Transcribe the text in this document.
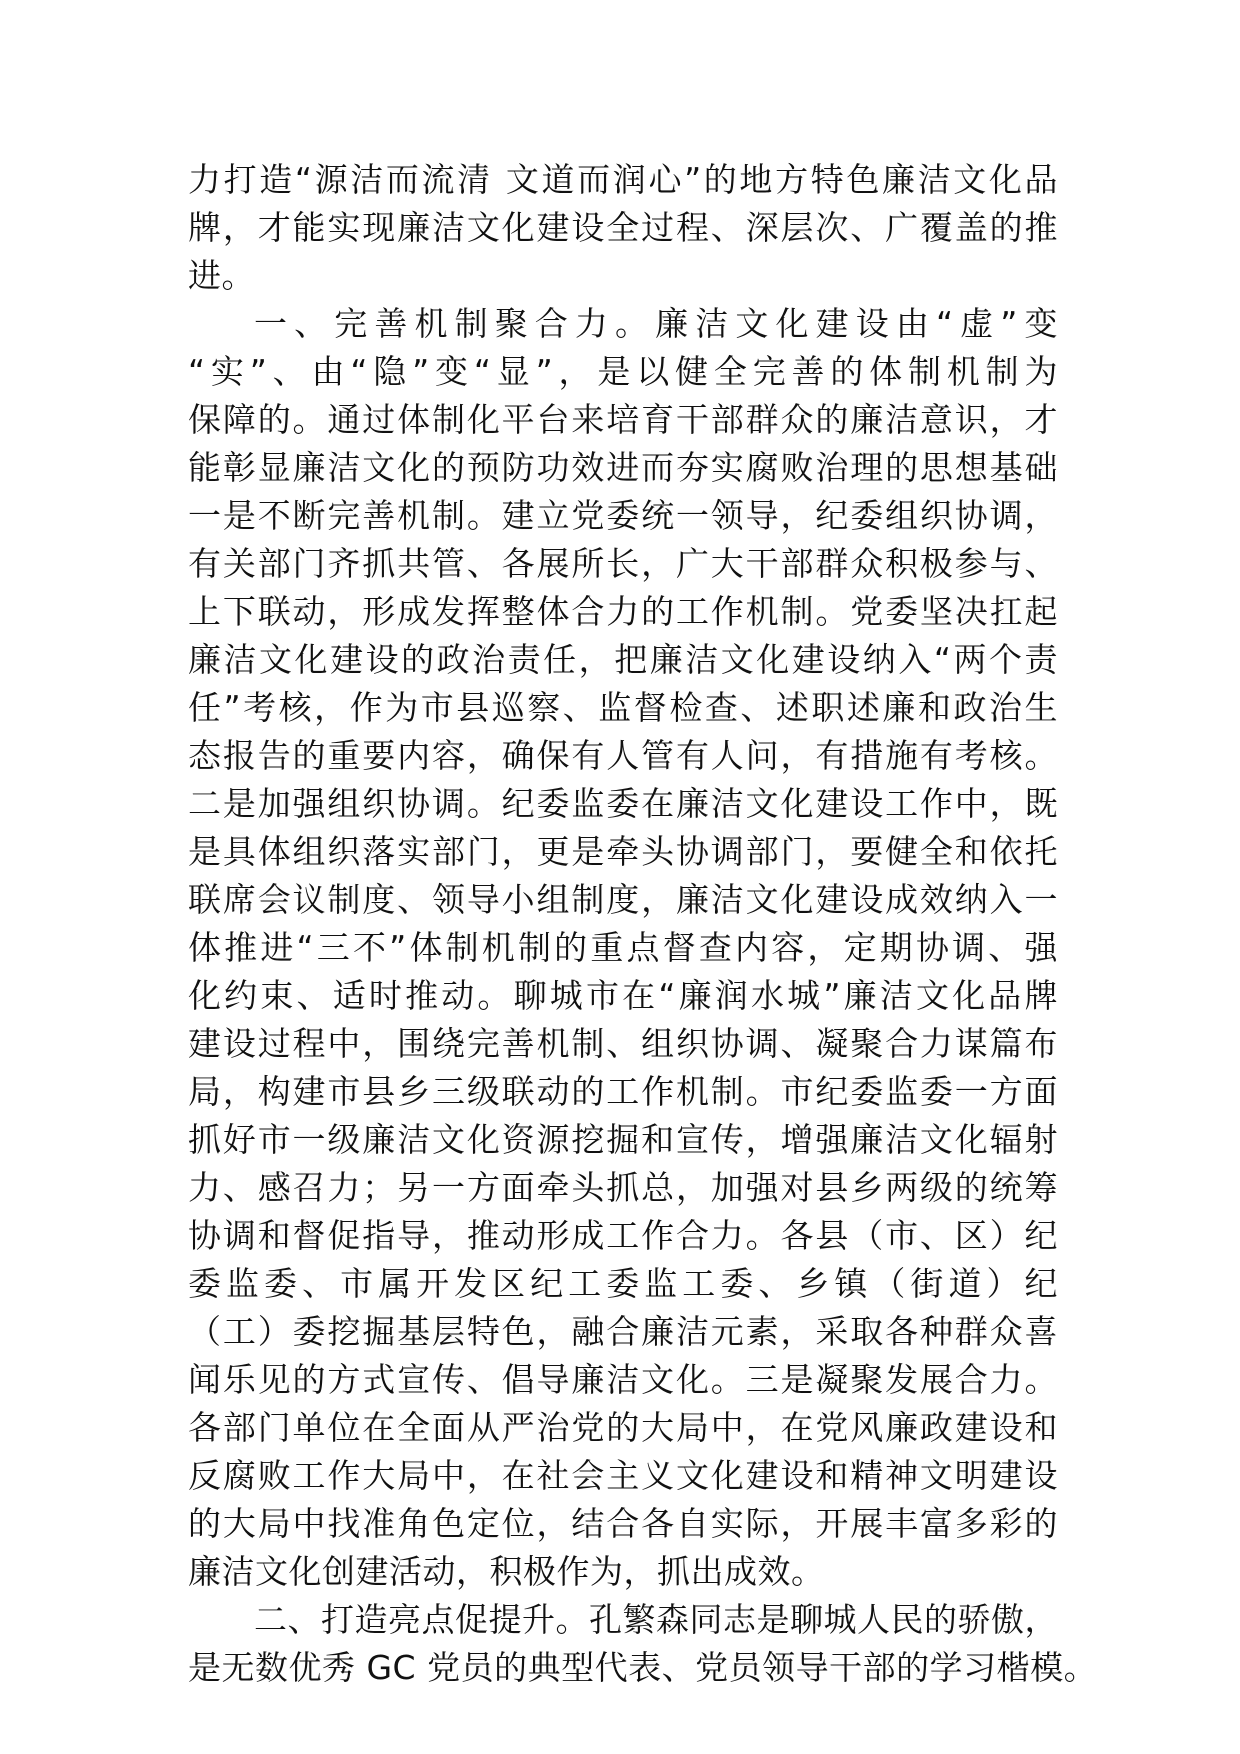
力打造“源洁而流清 文道而润心”的地方特色廉洁文化品
牌，才能实现廉洁文化建设全过程、深层次、广覆盖的推
进。
一、完善机制聚合力。廉洁文化建设由“虚”变
“实”、由“隐”变“显”，是以健全完善的体制机制为
保障的。通过体制化平台来培育干部群众的廉洁意识，才
能彰显廉洁文化的预防功效进而夯实腐败治理的思想基础
一是不断完善机制。建立党委统一领导，纪委组织协调，
有关部门齐抓共管、各展所长，广大干部群众积极参与、
上下联动，形成发挥整体合力的工作机制。党委坚决扛起
廉洁文化建设的政治责任，把廉洁文化建设纳入“两个责
任”考核，作为市县巡察、监督检查、述职述廉和政治生
态报告的重要内容，确保有人管有人问，有措施有考核。
二是加强组织协调。纪委监委在廉洁文化建设工作中，既
是具体组织落实部门，更是牵头协调部门，要健全和依托
联席会议制度、领导小组制度，廉洁文化建设成效纳入一
体推进“三不”体制机制的重点督查内容，定期协调、强
化约束、适时推动。聊城市在“廉润水城”廉洁文化品牌
建设过程中，围绕完善机制、组织协调、凝聚合力谋篇布
局，构建市县乡三级联动的工作机制。市纪委监委一方面
抓好市一级廉洁文化资源挖掘和宣传，增强廉洁文化辐射
力、感召力；另一方面牵头抓总，加强对县乡两级的统筹
协调和督促指导，推动形成工作合力。各县（市、区）纪
委监委、市属开发区纪工委监工委、乡镇（街道）纪
（工）委挖掘基层特色，融合廉洁元素，采取各种群众喜
闻乐见的方式宣传、倡导廉洁文化。三是凝聚发展合力。
各部门单位在全面从严治党的大局中，在党风廉政建设和
反腐败工作大局中，在社会主义文化建设和精神文明建设
的大局中找准角色定位，结合各自实际，开展丰富多彩的
廉洁文化创建活动，积极作为，抓出成效。
二、打造亮点促提升。孔繁森同志是聊城人民的骄傲，
是无数优秀 GC 党员的典型代表、党员领导干部的学习楷模。
